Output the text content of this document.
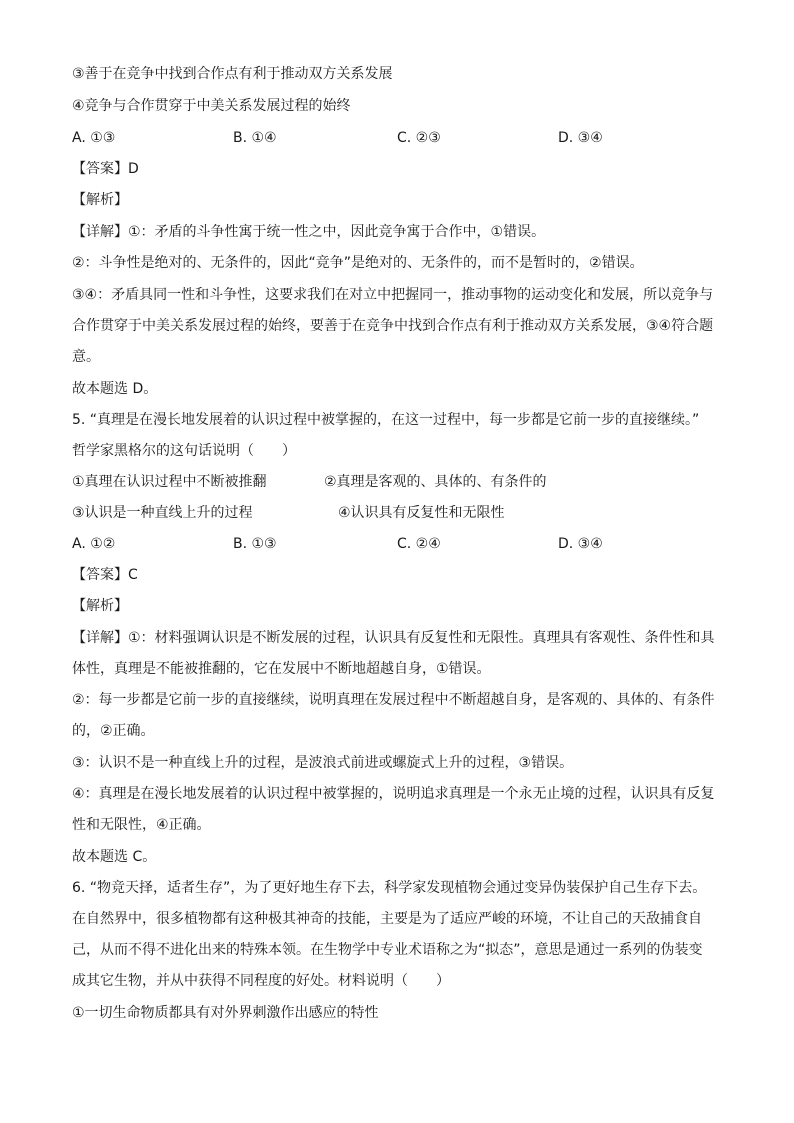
③善于在竞争中找到合作点有利于推动双方关系发展
④竞争与合作贯穿于中美关系发展过程的始终
A. ①③	B. ①④	C. ②③	D. ③④
【答案】D
【解析】
【详解】①：矛盾的斗争性寓于统一性之中，因此竞争寓于合作中，①错误。
②：斗争性是绝对的、无条件的，因此“竞争”是绝对的、无条件的，而不是暂时的，②错误。
③④：矛盾具同一性和斗争性，这要求我们在对立中把握同一，推动事物的运动变化和发展，所以竞争与
合作贯穿于中美关系发展过程的始终，要善于在竞争中找到合作点有利于推动双方关系发展，③④符合题
意。
故本题选 D。
5. “真理是在漫长地发展着的认识过程中被掌握的，在这一过程中，每一步都是它前一步的直接继续。”
哲学家黑格尔的这句话说明（　　）
①真理在认识过程中不断被推翻	②真理是客观的、具体的、有条件的
③认识是一种直线上升的过程	④认识具有反复性和无限性
A. ①②	B. ①③	C. ②④	D. ③④
【答案】C
【解析】
【详解】①：材料强调认识是不断发展的过程，认识具有反复性和无限性。真理具有客观性、条件性和具
体性，真理是不能被推翻的，它在发展中不断地超越自身，①错误。
②：每一步都是它前一步的直接继续，说明真理在发展过程中不断超越自身，是客观的、具体的、有条件
的，②正确。
③：认识不是一种直线上升的过程，是波浪式前进或螺旋式上升的过程，③错误。
④：真理是在漫长地发展着的认识过程中被掌握的，说明追求真理是一个永无止境的过程，认识具有反复
性和无限性，④正确。
故本题选 C。
6. “物竞天择，适者生存”，为了更好地生存下去，科学家发现植物会通过变异伪装保护自己生存下去。
在自然界中，很多植物都有这种极其神奇的技能，主要是为了适应严峻的环境，不让自己的天敌捕食自
己，从而不得不进化出来的特殊本领。在生物学中专业术语称之为“拟态”，意思是通过一系列的伪装变
成其它生物，并从中获得不同程度的好处。材料说明（　　）
①一切生命物质都具有对外界刺激作出感应的特性
